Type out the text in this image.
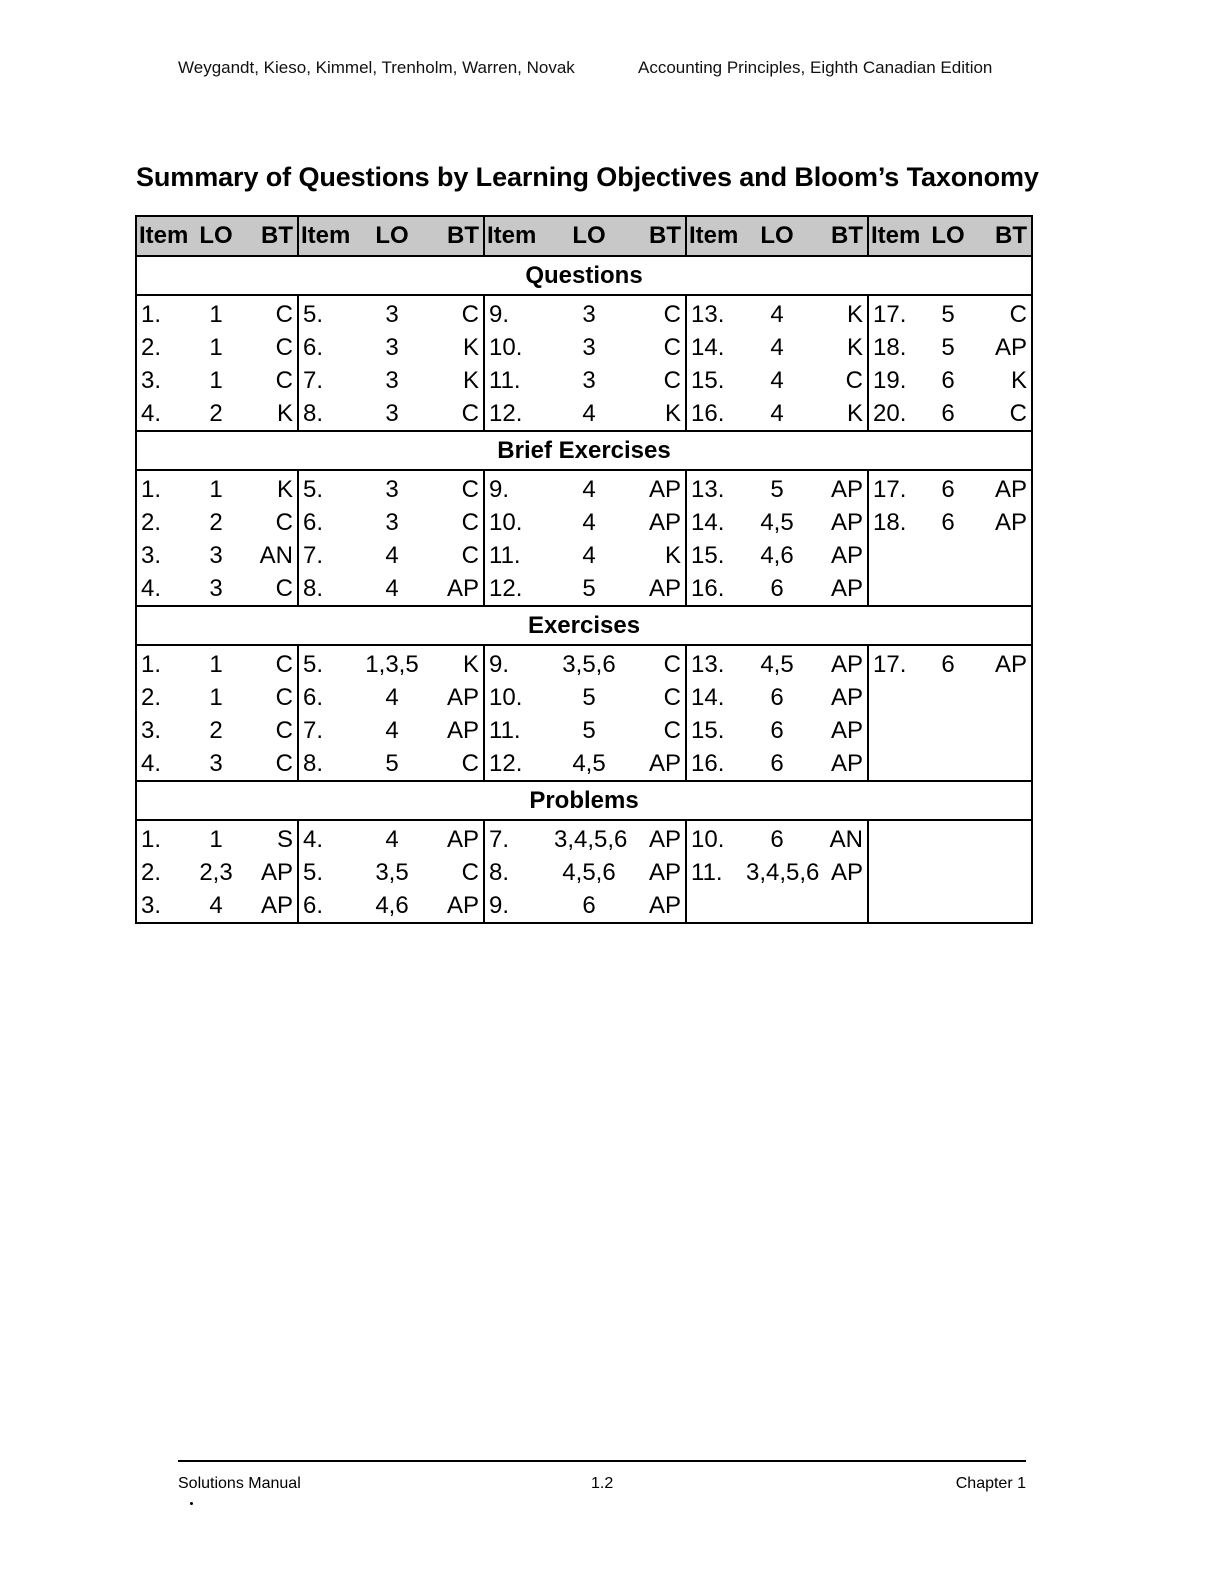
Weygandt, Kieso, Kimmel, Trenholm, Warren, Novak	Accounting Principles, Eighth Canadian Edition
Summary of Questions by Learning Objectives and Bloom’s Taxonomy
Item	LO	BT	Item	LO	BT	Item	LO	BT	Item	LO	BT	Item	LO	BT
Questions														
1.	1	C	5.	3	C	9.	3	C	13.	4	K	17.	5	C
2.	1	C	6.	3	K	10.	3	C	14.	4	K	18.	5	AP
3.	1	C	7.	3	K	11.	3	C	15.	4	C	19.	6	K
4.	2	K	8.	3	C	12.	4	K	16.	4	K	20.	6	C
Brief Exercises														
1.	1	K	5.	3	C	9.	4	AP	13.	5	AP	17.	6	AP
2.	2	C	6.	3	C	10.	4	AP	14.	4,5	AP	18.	6	AP
3.	3	AN	7.	4	C	11.	4	K	15.	4,6	AP			
4.	3	C	8.	4	AP	12.	5	AP	16.	6	AP			
Exercises														
1.	1	C	5.	1,3,5	K	9.	3,5,6	C	13.	4,5	AP	17.	6	AP
2.	1	C	6.	4	AP	10.	5	C	14.	6	AP			
3.	2	C	7.	4	AP	11.	5	C	15.	6	AP			
4.	3	C	8.	5	C	12.	4,5	AP	16.	6	AP			
Problems														
1.	1	S	4.	4	AP	7.	3,4,5,6	AP	10.	6	AN			
2.	2,3	AP	5.	3,5	C	8.	4,5,6	AP	11.	3,4,5,6	AP			
3.	4	AP	6.	4,6	AP	9.	6	AP						
Solutions Manual	1.2	Chapter 1
